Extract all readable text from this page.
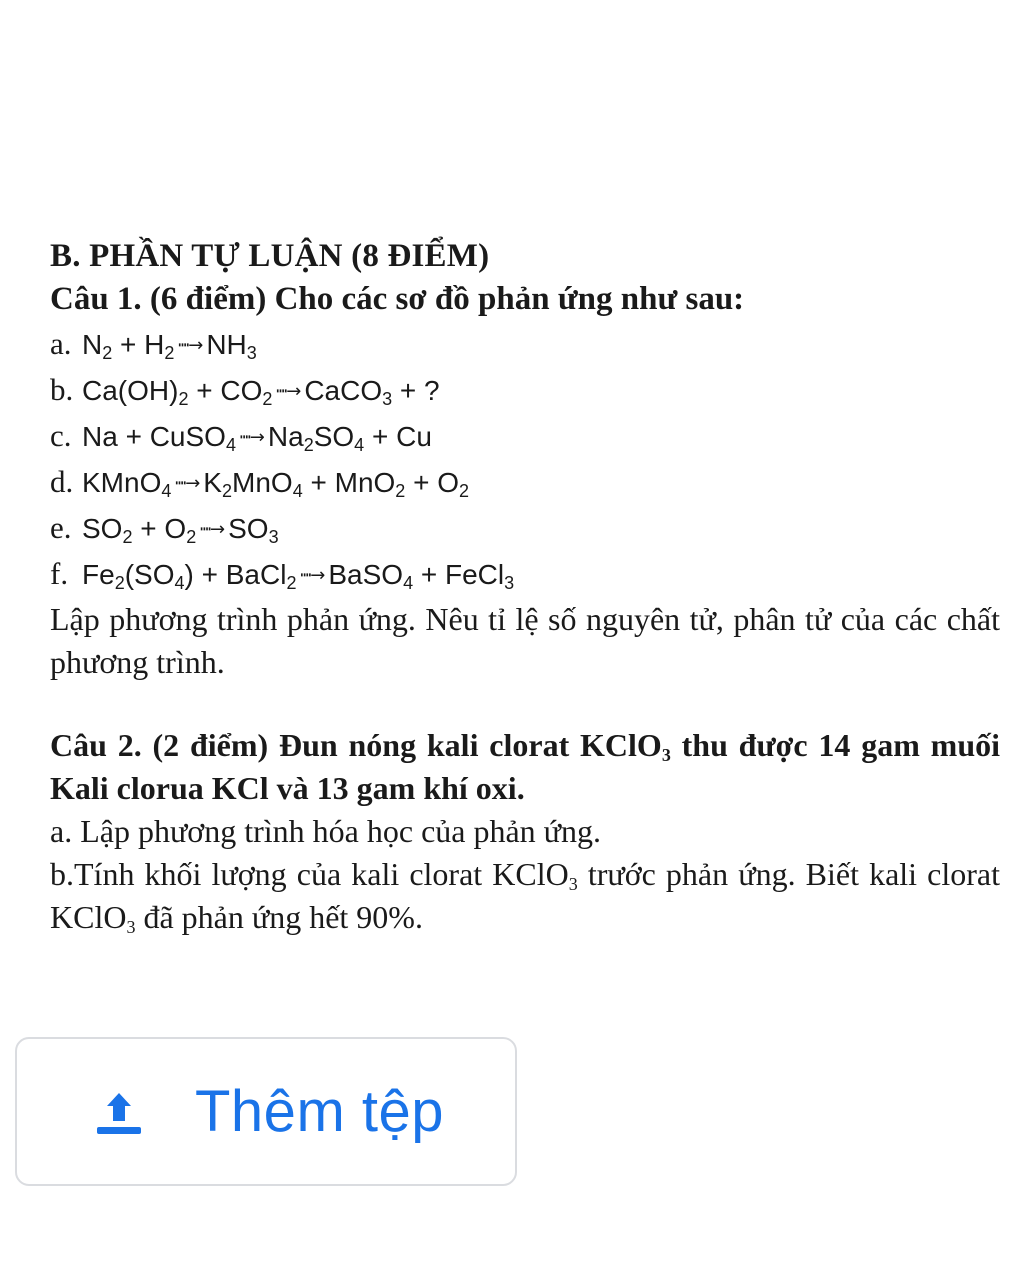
B. PHẦN TỰ LUẬN (8 ĐIỂM)

Câu 1. (6 điểm) Cho các sơ đồ phản ứng như sau:

a. $N_2 + H_2$ ┉→ $NH_3$

b. $Ca(OH)_2 + CO_2$ ┉→ CaCO$_3$ + ?

c. Na + CuSO$_4$ ┉→ $Na_2SO_4 + Cu$

d. KMnO$_4$ ┉→ $K_2MnO_4 + MnO_2 + O_2$

e. $SO_2 + O_2$ ┉→ $SO_3$

f. $Fe_2(SO_4)$ + BaCl$_2$ ┉→ BaSO$_4$ + FeCl$_3$

Lập phương trình phản ứng. Nêu tỉ lệ số nguyên tử, phân tử của các chất phương trình.

Câu 2. (2 điểm) Đun nóng kali clorat KClO$_3$ thu được 14 gam muối Kali clorua KCl và 13 gam khí oxi.

a. Lập phương trình hóa học của phản ứng.

b.Tính khối lượng của kali clorat KClO$_3$ trước phản ứng. Biết kali clorat KClO$_3$ đã phản ứng hết 90%.

Thêm tệp
